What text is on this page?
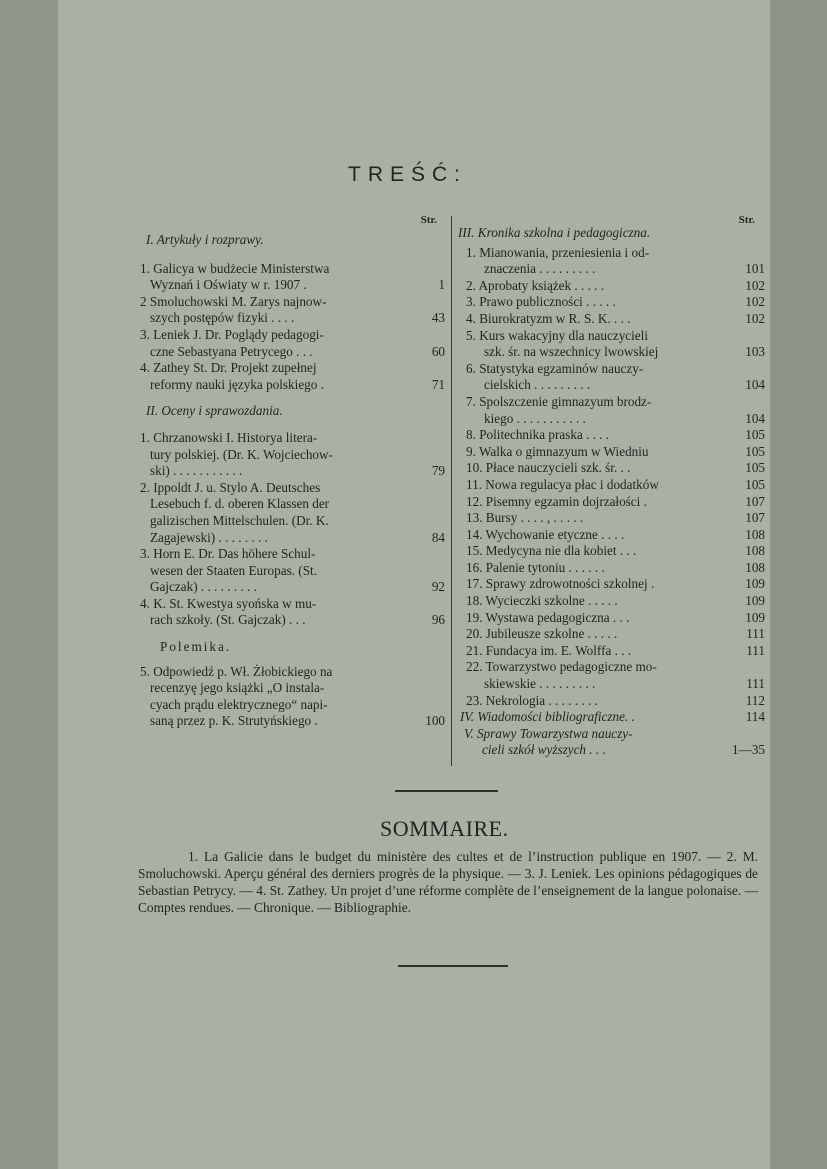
TREŚĆ:
Str.
I. Artykuły i rozprawy.
1. Galicya w budżecie Ministerstwa
Wyznań i Oświaty w r. 1907 .	1
2 Smoluchowski M. Zarys najnow-
szych postępów fizyki . . . .	43
3. Leniek J. Dr. Poglądy pedagogi-
czne Sebastyana Petrycego . . .	60
4. Zathey St. Dr. Projekt zupełnej
reformy nauki języka polskiego .	71
II. Oceny i sprawozdania.
1. Chrzanowski I. Historya litera-
tury polskiej. (Dr. K. Wojciechow-
ski) . . . . . . . . . . .	79
2. Ippoldt J. u. Stylo A. Deutsches
Lesebuch f. d. oberen Klassen der
galizischen Mittelschulen. (Dr. K.
Zagajewski) . . . . . . . .	84
3. Horn E. Dr. Das höhere Schul-
wesen der Staaten Europas. (St.
Gajczak) . . . . . . . . .	92
4. K. St. Kwestya syońska w mu-
rach szkoły. (St. Gajczak) . . .	96
Polemika.
5. Odpowiedź p. Wł. Żłobickiego na
recenzyę jego książki „O instala-
cyach prądu elektrycznego“ napi-
saną przez p. K. Strutyńskiego .	100
Str.
III. Kronika szkolna i pedagogiczna.
1. Mianowania, przeniesienia i od-
znaczenia . . . . . . . . .	101
2. Aprobaty książek . . . . .	102
3. Prawo publiczności . . . . .	102
4. Biurokratyzm w R. S. K. . . .	102
5. Kurs wakacyjny dla nauczycieli
szk. śr. na wszechnicy lwowskiej	103
6. Statystyka egzaminów nauczy-
cielskich . . . . . . . . .	104
7. Spolszczenie gimnazyum brodz-
kiego . . . . . . . . . . .	104
8. Politechnika praska . . . .	105
9. Walka o gimnazyum w Wiedniu	105
10. Płace nauczycieli szk. śr. . .	105
11. Nowa regulacya płac i dodatków	105
12. Pisemny egzamin dojrzałości .	107
13. Bursy . . . . , . . . . .	107
14. Wychowanie etyczne . . . .	108
15. Medycyna nie dla kobiet . . .	108
16. Palenie tytoniu . . . . . .	108
17. Sprawy zdrowotności szkolnej .	109
18. Wycieczki szkolne . . . . .	109
19. Wystawa pedagogiczna . . .	109
20. Jubileusze szkolne . . . . .	111
21. Fundacya im. E. Wolffa . . .	111
22. Towarzystwo pedagogiczne mo-
skiewskie . . . . . . . . .	111
23. Nekrologia . . . . . . . .	112
IV. Wiadomości bibliograficzne. .	114
V. Sprawy Towarzystwa nauczy-
cieli szkół wyższych . . .	1—35
SOMMAIRE.
1. La Galicie dans le budget du ministère des cultes et de l’instruction publique en 1907. — 2. M. Smoluchowski. Aperçu général des derniers progrès de la physique. — 3. J. Leniek. Les opinions pédagogiques de Sebastian Petrycy. — 4. St. Zathey. Un projet d’une réforme complète de l’enseignement de la langue polonaise. — Comptes rendues. — Chronique. — Bibliographie.
